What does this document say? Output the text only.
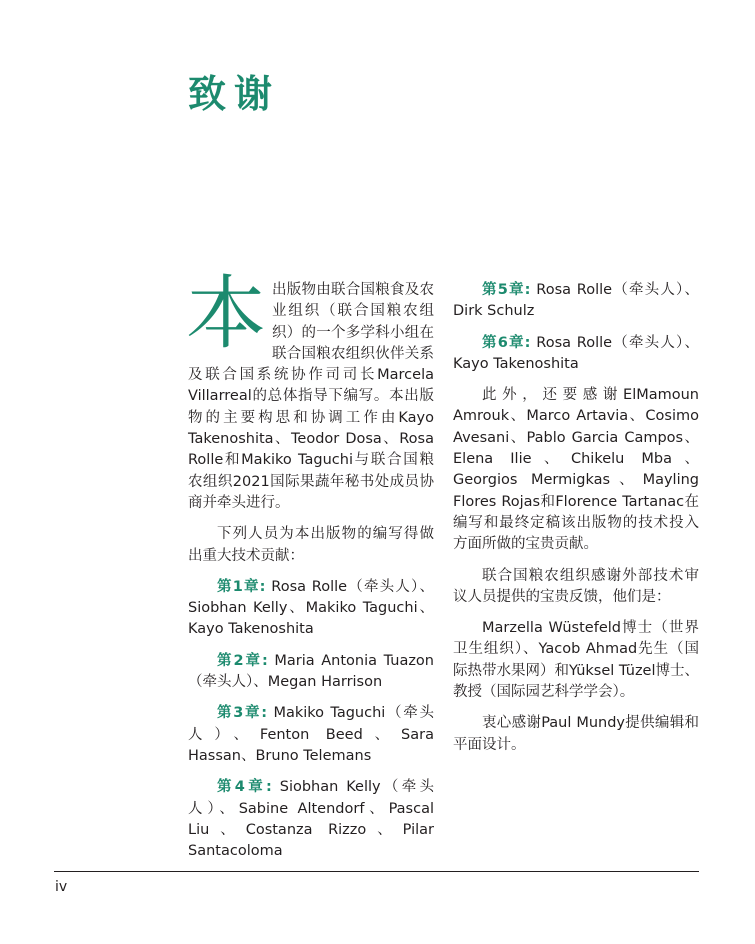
致谢

本出版物由联合国粮食及农业组织（联合国粮农组织）的一个多学科小组在联合国粮农组织伙伴关系及联合国系统协作司司长Marcela Villarreal的总体指导下编写。本出版物的主要构思和协调工作由Kayo Takenoshita、Teodor Dosa、Rosa Rolle和Makiko Taguchi与联合国粮农组织2021国际果蔬年秘书处成员协商并牵头进行。

下列人员为本出版物的编写得做出重大技术贡献：

第1章: Rosa Rolle（牵头人）、Siobhan Kelly、Makiko Taguchi、Kayo Takenoshita

第2章: Maria Antonia Tuazon（牵头人）、Megan Harrison

第3章: Makiko Taguchi（牵头人）、Fenton Beed、Sara Hassan、Bruno Telemans

第4章: Siobhan Kelly（牵头人）、Sabine Altendorf、Pascal Liu、Costanza Rizzo、Pilar Santacoloma

第5章: Rosa Rolle（牵头人）、Dirk Schulz

第6章: Rosa Rolle（牵头人）、Kayo Takenoshita

此外，还要感谢ElMamoun Amrouk、Marco Artavia、Cosimo Avesani、Pablo Garcia Campos、Elena Ilie、Chikelu Mba、Georgios Mermigkas、Mayling Flores Rojas和Florence Tartanac在编写和最终定稿该出版物的技术投入方面所做的宝贵贡献。

联合国粮农组织感谢外部技术审议人员提供的宝贵反馈，他们是：

Marzella Wüstefeld博士（世界卫生组织）、Yacob Ahmad先生（国际热带水果网）和Yüksel Tüzel博士、教授（国际园艺科学学会）。

衷心感谢Paul Mundy提供编辑和平面设计。

iv
